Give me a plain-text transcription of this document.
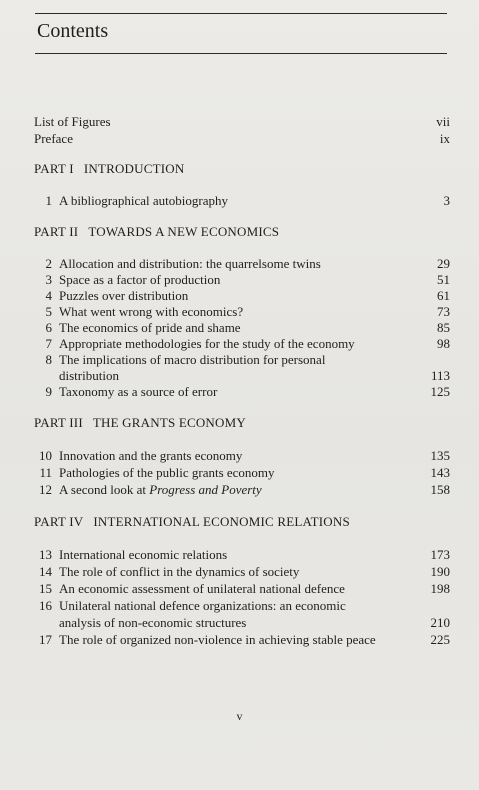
Contents
List of Figures	vii
Preface	ix
PART I INTRODUCTION
1 A bibliographical autobiography	3
PART II TOWARDS A NEW ECONOMICS
2 Allocation and distribution: the quarrelsome twins	29
3 Space as a factor of production	51
4 Puzzles over distribution	61
5 What went wrong with economics?	73
6 The economics of pride and shame	85
7 Appropriate methodologies for the study of the economy	98
8 The implications of macro distribution for personal
distribution	113
9 Taxonomy as a source of error	125
PART III THE GRANTS ECONOMY
10 Innovation and the grants economy	135
11 Pathologies of the public grants economy	143
12 A second look at Progress and Poverty	158
PART IV INTERNATIONAL ECONOMIC RELATIONS
13 International economic relations	173
14 The role of conflict in the dynamics of society	190
15 An economic assessment of unilateral national defence	198
16 Unilateral national defence organizations: an economic
analysis of non-economic structures	210
17 The role of organized non-violence in achieving stable peace	225
v
